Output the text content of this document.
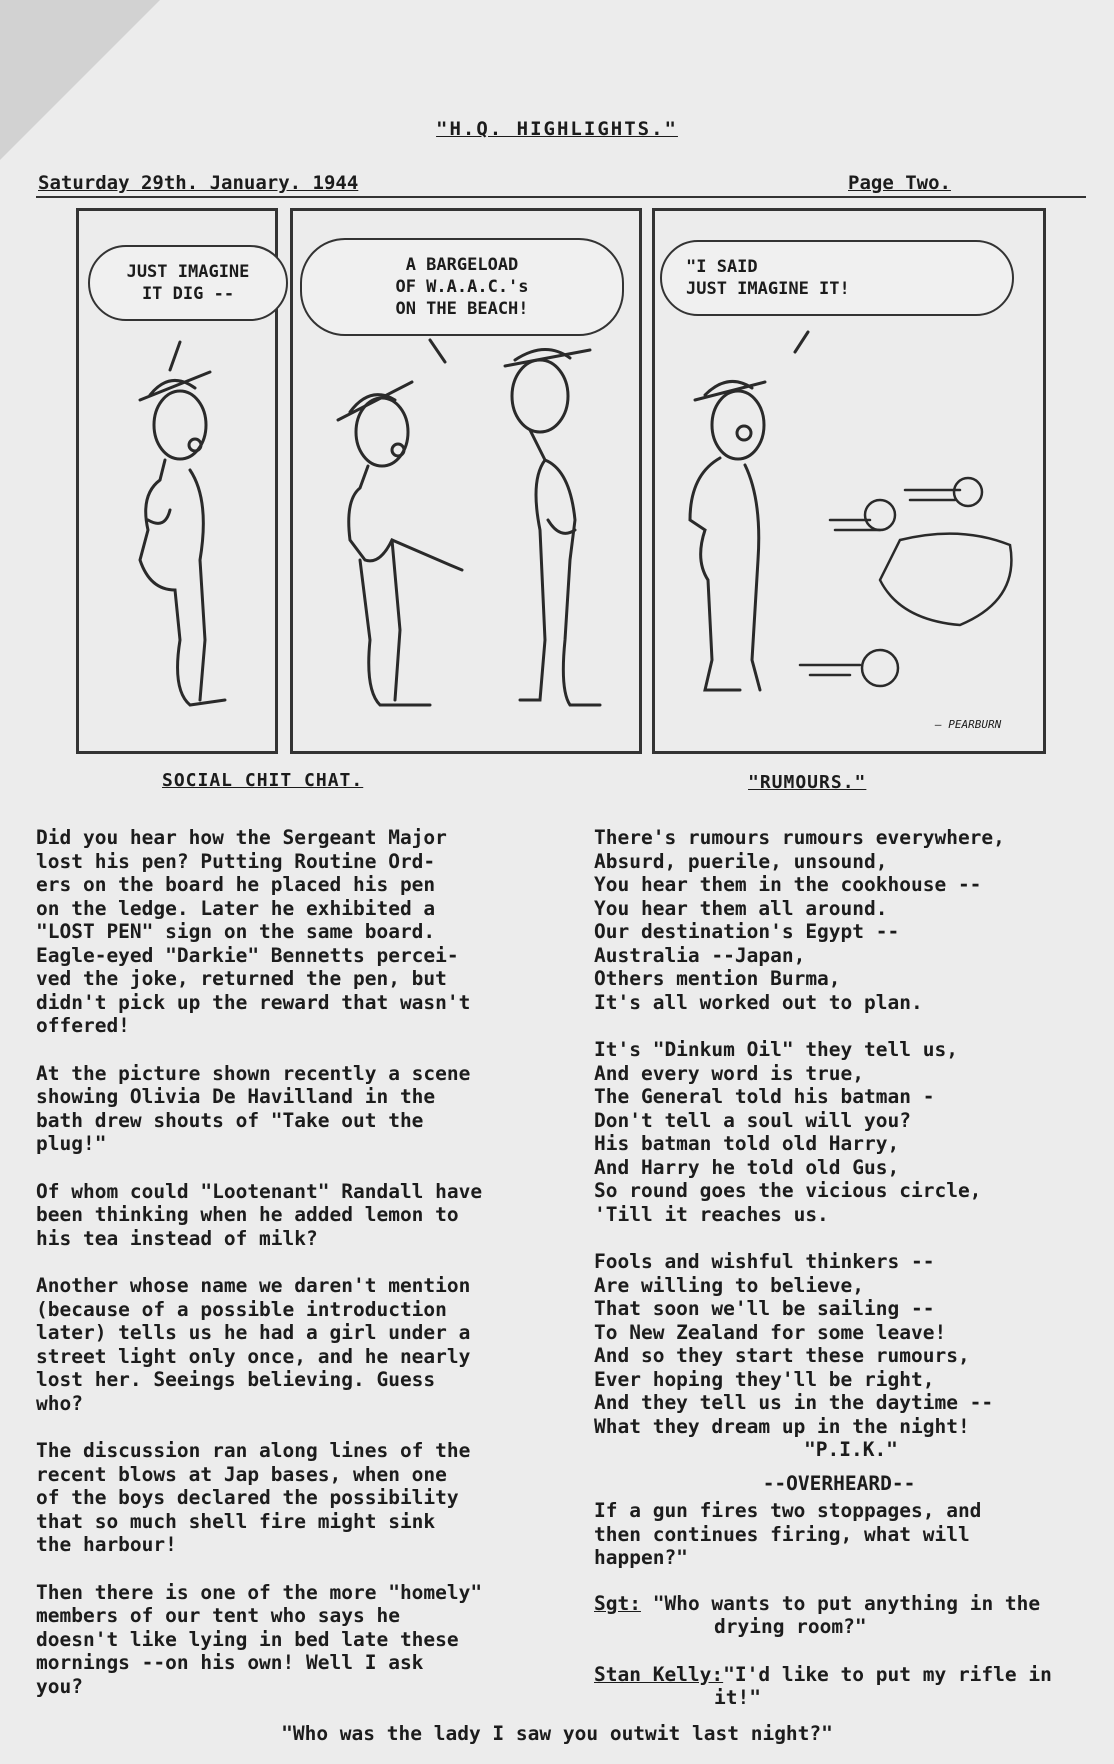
"H.Q. HIGHLIGHTS."
Saturday 29th. January. 1944	Page Two.
JUST IMAGINE
IT DIG --
A BARGELOAD
OF W.A.A.C.'s
ON THE BEACH!
"I SAID
JUST IMAGINE IT!
— PEARBURN
SOCIAL CHIT CHAT.	"RUMOURS."

Did you hear how the Sergeant Major
lost his pen? Putting Routine Ord-
ers on the board he placed his pen
on the ledge. Later he exhibited a
"LOST PEN" sign on the same board.
Eagle-eyed "Darkie" Bennetts percei-
ved the joke, returned the pen, but
didn't pick up the reward that wasn't
offered!

At the picture shown recently a scene
showing Olivia De Havilland in the
bath drew shouts of "Take out the
plug!"

Of whom could "Lootenant" Randall have
been thinking when he added lemon to
his tea instead of milk?

Another whose name we daren't mention
(because of a possible introduction
later) tells us he had a girl under a
street light only once, and he nearly
lost her. Seeings believing. Guess
who?

The discussion ran along lines of the
recent blows at Jap bases, when one
of the boys declared the possibility
that so much shell fire might sink
the harbour!

Then there is one of the more "homely"
members of our tent who says he
doesn't like lying in bed late these
mornings --on his own! Well I ask
you?

There's rumours rumours everywhere,
Absurd, puerile, unsound,
You hear them in the cookhouse --
You hear them all around.
Our destination's Egypt --
Australia --Japan,
Others mention Burma,
It's all worked out to plan.
It's "Dinkum Oil" they tell us,
And every word is true,
The General told his batman -
Don't tell a soul will you?
His batman told old Harry,
And Harry he told old Gus,
So round goes the vicious circle,
'Till it reaches us.
Fools and wishful thinkers --
Are willing to believe,
That soon we'll be sailing --
To New Zealand for some leave!
And so they start these rumours,
Ever hoping they'll be right,
And they tell us in the daytime --
What they dream up in the night!
"P.I.K."
--OVERHEARD--
If a gun fires two stoppages, and
then continues firing, what will
happen?"

Sgt: "Who wants to put anything in the drying room?"

Stan Kelly:"I'd like to put my rifle in it!"

"Who was the lady I saw you outwit last night?"
